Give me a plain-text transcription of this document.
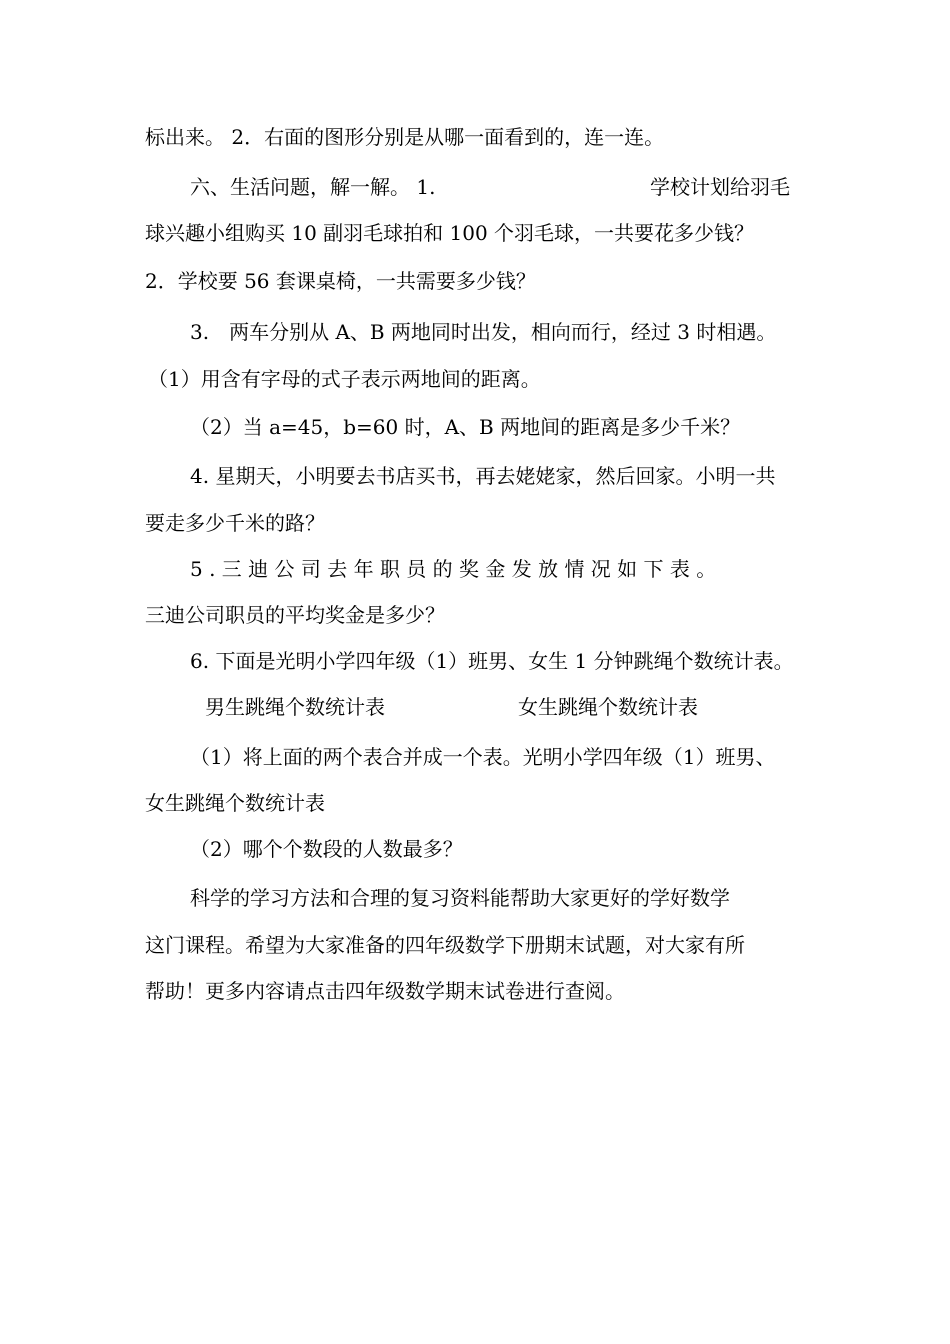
标出来。 2．右面的图形分别是从哪一面看到的，连一连。
六、生活问题，解一解。 1.	学校计划给羽毛
球兴趣小组购买 10 副羽毛球拍和 100 个羽毛球，一共要花多少钱？
2．学校要 56 套课桌椅，一共需要多少钱？
3.　两车分别从 A、B 两地同时出发，相向而行，经过 3 时相遇。
（1）用含有字母的式子表示两地间的距离。
（2）当 a=45，b=60 时，A、B 两地间的距离是多少千米？
4. 星期天，小明要去书店买书，再去姥姥家，然后回家。小明一共
要走多少千米的路？
5 . 三 迪 公 司 去 年 职 员 的 奖 金 发 放 情 况 如 下 表 。
三迪公司职员的平均奖金是多少？
6. 下面是光明小学四年级（1）班男、女生 1 分钟跳绳个数统计表。
男生跳绳个数统计表	女生跳绳个数统计表
（1）将上面的两个表合并成一个表。光明小学四年级（1）班男、
女生跳绳个数统计表
（2）哪个个数段的人数最多？
科学的学习方法和合理的复习资料能帮助大家更好的学好数学
这门课程。希望为大家准备的四年级数学下册期末试题，对大家有所
帮助！更多内容请点击四年级数学期末试卷进行查阅。
